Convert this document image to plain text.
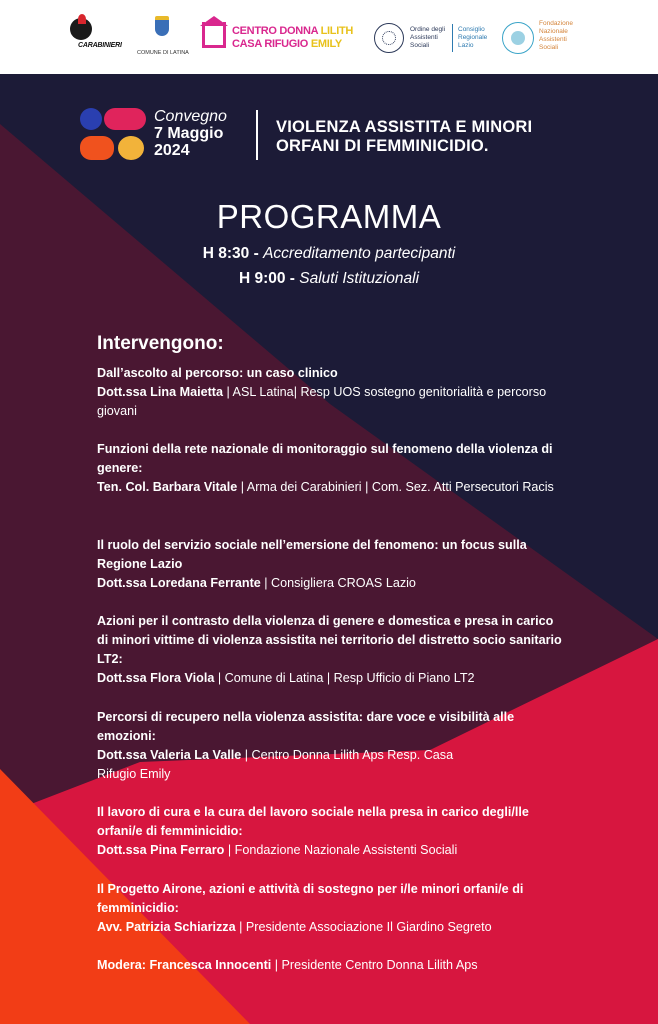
CARABINIERI
COMUNE DI LATINA
CENTRO DONNA LILITH
CASA RIFUGIO EMILY
Ordine degli Assistenti Sociali
Consiglio Regionale Lazio
Fondazione Nazionale Assistenti Sociali
Convegno
7 Maggio
2024
VIOLENZA ASSISTITA E MINORI
ORFANI DI FEMMINICIDIO.
PROGRAMMA
H 8:30 - Accreditamento partecipanti
H 9:00 - Saluti Istituzionali
Intervengono:
Dall’ascolto al percorso: un caso clinico
Dott.ssa Lina Maietta | ASL Latina| Resp UOS sostegno genitorialità e percorso giovani
Funzioni della rete nazionale di monitoraggio sul fenomeno della violenza di genere:
Ten. Col. Barbara Vitale | Arma dei Carabinieri | Com. Sez. Atti Persecutori Racis
Il ruolo del servizio sociale nell’emersione del fenomeno: un focus sulla Regione Lazio
Dott.ssa Loredana Ferrante | Consigliera CROAS Lazio
Azioni per il contrasto della violenza di genere e domestica e presa in carico di minori vittime di violenza assistita nei territorio del distretto socio sanitario LT2:
Dott.ssa Flora Viola | Comune di Latina | Resp Ufficio di Piano LT2
Percorsi di recupero nella violenza assistita: dare voce e visibilità alle emozioni:
Dott.ssa Valeria La Valle | Centro Donna Lilith Aps Resp. Casa Rifugio Emily
Il lavoro di cura e la cura del lavoro sociale nella presa in carico degli/lle orfani/e di femminicidio:
Dott.ssa Pina Ferraro | Fondazione Nazionale Assistenti Sociali
Il Progetto Airone, azioni e attività di sostegno per i/le minori orfani/e di femminicidio:
Avv. Patrizia Schiarizza | Presidente Associazione Il Giardino Segreto
Modera: Francesca Innocenti | Presidente Centro Donna Lilith Aps
